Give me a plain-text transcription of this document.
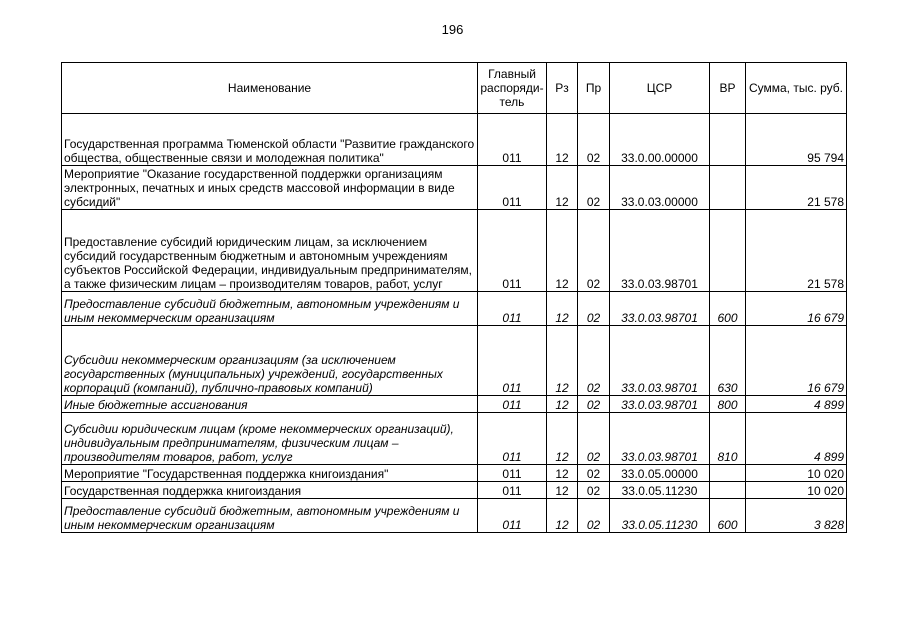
196
Наименование	Главный распоряди-тель	Рз	Пр	ЦСР	ВР	Сумма, тыс. руб.
Государственная программа Тюменской области "Развитие гражданского общества, общественные связи и молодежная политика"	011	12	02	33.0.00.00000		95 794
Мероприятие "Оказание государственной поддержки организациям электронных, печатных и иных средств массовой информации в виде субсидий"	011	12	02	33.0.03.00000		21 578
Предоставление субсидий юридическим лицам, за исключением субсидий государственным бюджетным и автономным учреждениям субъектов Российской Федерации, индивидуальным предпринимателям, а также физическим лицам – производителям товаров, работ, услуг	011	12	02	33.0.03.98701		21 578
Предоставление субсидий бюджетным, автономным учреждениям и иным некоммерческим организациям	011	12	02	33.0.03.98701	600	16 679
Субсидии некоммерческим организациям (за исключением государственных (муниципальных) учреждений, государственных корпораций (компаний), публично-правовых компаний)	011	12	02	33.0.03.98701	630	16 679
Иные бюджетные ассигнования	011	12	02	33.0.03.98701	800	4 899
Субсидии юридическим лицам (кроме некоммерческих организаций), индивидуальным предпринимателям, физическим лицам – производителям товаров, работ, услуг	011	12	02	33.0.03.98701	810	4 899
Мероприятие "Государственная поддержка книгоиздания"	011	12	02	33.0.05.00000		10 020
Государственная поддержка книгоиздания	011	12	02	33.0.05.11230		10 020
Предоставление субсидий бюджетным, автономным учреждениям и иным некоммерческим организациям	011	12	02	33.0.05.11230	600	3 828
